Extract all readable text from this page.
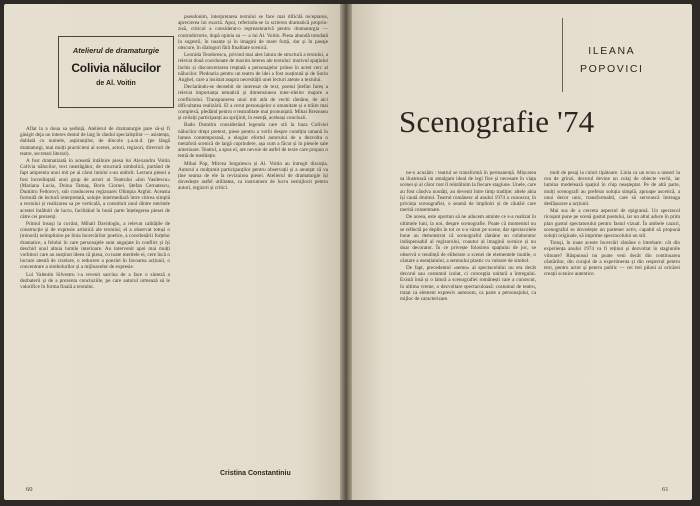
Atelierul de dramaturgie
Colivia nălucilor
de Al. Voitin

Aflat la a doua sa ședință, Atelierul de dramaturgie pare să-și fi găsigit deja un interes destul de larg în rândul specialiștilor — asistența, dublată cu numele, aspiranților, de dincolo ș.a.m.d. (pe lângă dramaturgi, mai mulți practicieni ai scenei, actori, regizori, directori de teatre, secretari literari).

A fost dramatizată în această întâlnire piesa lui Alexandru Voitin Colivia nălucilor, text neatrăgător, de structură simbolică, purtând de fapt amprenta unui mit pe ai cărui lumini s-au umbrit. Lectura piesei a fost încredințată unui grup de actori ai Teatrului «Ion Vasilescu» (Mariana Lucia, Doina Tamaș, Boris Ciornei, Ștefan Cernatescu, Dumitru Fedorov), sub conducerea regizoarei Olimpia Arghir. Aceasta formulă de lectură interpretată, soluție intermediară între citirea simplă a textului și realizarea sa pe verticală, a constituit unul dintre meritele acestei întâlniri de lucru, facilitând în bună parte înțelegerea piesei de către cei prezenți.

Primul însuși la cuvânt, Mihail Davidoglu, a relevat calitățile de construcție și de expresie artistică ale textului; el a observat totuși o (minoră) neîmplinire pe linia încercărilor poetice, a coordonării forțelor dramatice, a felului în care personajele sunt angajate în conflict și își deschid unul altuia lumile interioare. Au intervenit apoi mai mulți vorbitori care au susținut ideea că piesa, cu toate meritele ei, cere încă o lucrare atentă de cizelare, o reducere a poeziei în favoarea acțiunii, o concentrare a simbolurilor și a mijloacelor de expresie.

Lui Valentin Silvestru i-a revenit sarcina de a face o sinteză a dezbaterii și de a prezenta concluziile, pe care autorul urmează să le valorifice în forma finală a textului.

pseudonim, interpretarea textului se face mai dificilă receptarea, aprecierea lui exactă. Apoi, referindu-se la scrierea dramatică propriu-zisă, criticul a considerat-o reprezentativă pentru dramaturgia — contradictorie, după opinia sa — a lui Al. Voitin. Piesa abundă totodată în sugestii, în nuanțe și în imagini de mare forță, dar și în pasaje obscure, în dialoguri fără finalitate scenică.

Leonida Teodorescu, privind mai ales latura de structură a textului, a relevat două coordonate de maxim interes ale textului: motivul spațiului închis și disconcertarea treptată a personajelor prinse în acest cerc al nălucilor. Pledoaria pentru un teatru de idei a fost susținută și de Sorin Anghel, care a insistat asupra necesității unei lecturi atente a textului.

Declarându-se deosebit de interesat de text, poetul Ștefan Iureș a relevat importanța tematică și dimensiunea inter-ideilor majore a conflictului. Transpunerea unui mit atât de vechi rămâne, de aici dificultatea realizării. El a cerut personajelor o umanitate și o trăire mai complexă, pledând pentru o teatralitate mai pronunțată. Mihai Brezeanu și ceilalți participanți au sprijinit, în esență, aceleași concluzii.

Radu Dumitru considerând legenda care stă la baza Coliviei nălucilor drept pretext, piese pentru a vorbi despre condiția umană în lumea contemporană, a elogiat efortul autorului de a dezvolta o metaforă scenică de largă cuprindere, așa cum a făcut și în piesele sale anterioare. Teatrul, a spus el, are nevoie de astfel de texte care propun o temă de meditație.

Mihai Pop, Mircea Iorgulescu și Al. Voitin au întregit discuția. Autorul a mulțumit participanților pentru observații și a anunțat că va ține seama de ele la revizuirea piesei. Atelierul de dramaturgie își dovedește astfel utilitatea, ca instrument de lucru nemijlocit pentru autori, regizori și critici.

Cristina Constantiniu
60
ILEANA
POPOVICI
Scenografie '74

ne-o acuzăm : teatrul se transformă în permanență. Mișcarea sa ilustrează un amalgam ideal de legi fixe și necesare în viața scenei și al căror rost îl reîntâlnim la fiecare stagiune. Unele, care au fost cândva noutăți, au devenit între timp tradiție; altele abia își caută drumul. Teatrul românesc al anului 1974 a cunoscut, în privința scenografiei, o seamă de împliniri și de căutări care merită consemnate.

De aceea, este oportun să ne aducem aminte ce s-a realizat în ultimele luni, la noi, despre scenografie. Poate că momentul nu se reflectă pe deplin în tot ce s-a văzut pe scene, dar spectacolele bune au demonstrat că scenograful rămâne un colaborator indispensabil al regizorului, coautor al imaginii scenice și nu doar decorator. În ce privește folosirea spațiului de joc, se observă o tendință de eliberare a scenei de elementele inutile, o căutare a esențialului, a semnului plastic cu valoare de simbol.

De fapt, precedentul «semn» al spectacolului nu era decât decorul sau costumul izolat, ci concepția unitară a întregului. Există însă și o latură a scenografiei românești care a cunoscut, în ultima vreme, o dezvoltare spectaculoasă: costumul de teatru, tratat ca element expresiv autonom, ca parte a personajului, ca mijloc de caracterizare.

mult de pesaj la culori tipătoare. Linia ca un ecou a uneori la cea de grinzi, decorul devine un colaj de obiecte vechi, iar lumina modelează spațiul în chip neașteptat. Pe de altă parte, mulți scenografi au preferat soluția simplă, aproape ascetică, a unui decor unic, transformabil, care să servească întreaga desfășurare a acțiunii.

Mai sus de a cerceta aspectul de epigramă. Un spectacol ricoșant pune pe scenă gustul poetului, iar un altul aduce în prim plan gustul spectatorului pentru fastul vizual. În ambele cazuri, scenograful se dovedește un partener activ, capabil să propună soluții originale, să imprime spectacolului un stil.

Totuși, în toate aceste încercări rămâne o întrebare: cât din experiența anului 1974 va fi reținut și dezvoltat în stagiunile viitoare? Răspunsul nu poate veni decât din continuarea căutărilor, din curajul de a experimenta și din respectul pentru text, pentru actor și pentru public — cei trei piloni ai oricărei creații scenice autentice.

61
